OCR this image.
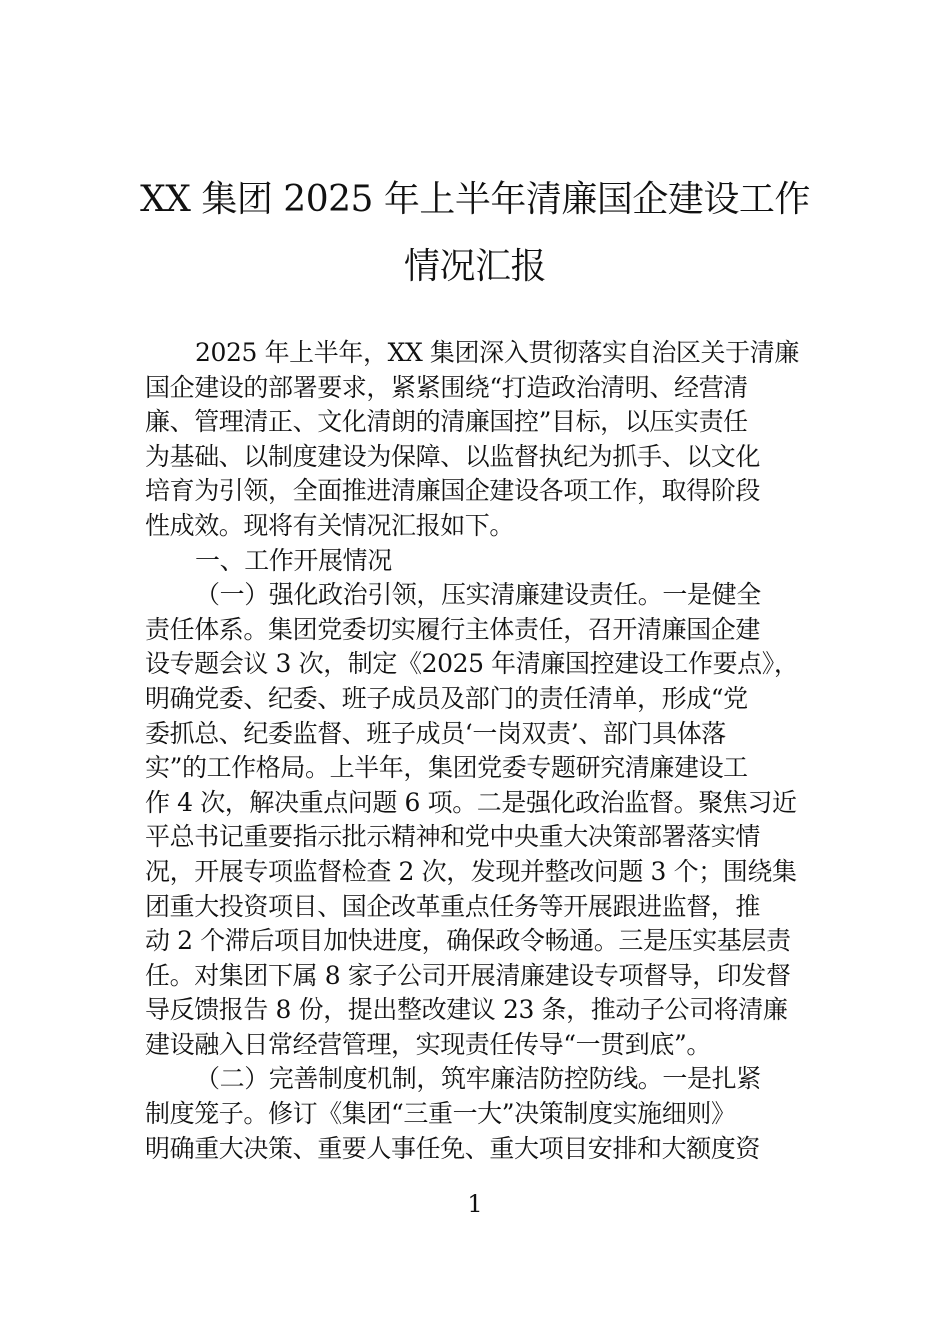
XX 集团 2025 年上半年清廉国企建设工作
情况汇报
2025 年上半年，XX 集团深入贯彻落实自治区关于清廉
国企建设的部署要求，紧紧围绕“打造政治清明、经营清
廉、管理清正、文化清朗的清廉国控”目标，以压实责任
为基础、以制度建设为保障、以监督执纪为抓手、以文化
培育为引领，全面推进清廉国企建设各项工作，取得阶段
性成效。现将有关情况汇报如下。
一、工作开展情况
（一）强化政治引领，压实清廉建设责任。一是健全
责任体系。集团党委切实履行主体责任，召开清廉国企建
设专题会议 3 次，制定《2025 年清廉国控建设工作要点》，
明确党委、纪委、班子成员及部门的责任清单，形成“党
委抓总、纪委监督、班子成员‘一岗双责’、部门具体落
实”的工作格局。上半年，集团党委专题研究清廉建设工
作 4 次，解决重点问题 6 项。二是强化政治监督。聚焦习近
平总书记重要指示批示精神和党中央重大决策部署落实情
况，开展专项监督检查 2 次，发现并整改问题 3 个；围绕集
团重大投资项目、国企改革重点任务等开展跟进监督，推
动 2 个滞后项目加快进度，确保政令畅通。三是压实基层责
任。对集团下属 8 家子公司开展清廉建设专项督导，印发督
导反馈报告 8 份，提出整改建议 23 条，推动子公司将清廉
建设融入日常经营管理，实现责任传导“一贯到底”。
（二）完善制度机制，筑牢廉洁防控防线。一是扎紧
制度笼子。修订《集团“三重一大”决策制度实施细则》
明确重大决策、重要人事任免、重大项目安排和大额度资
1
